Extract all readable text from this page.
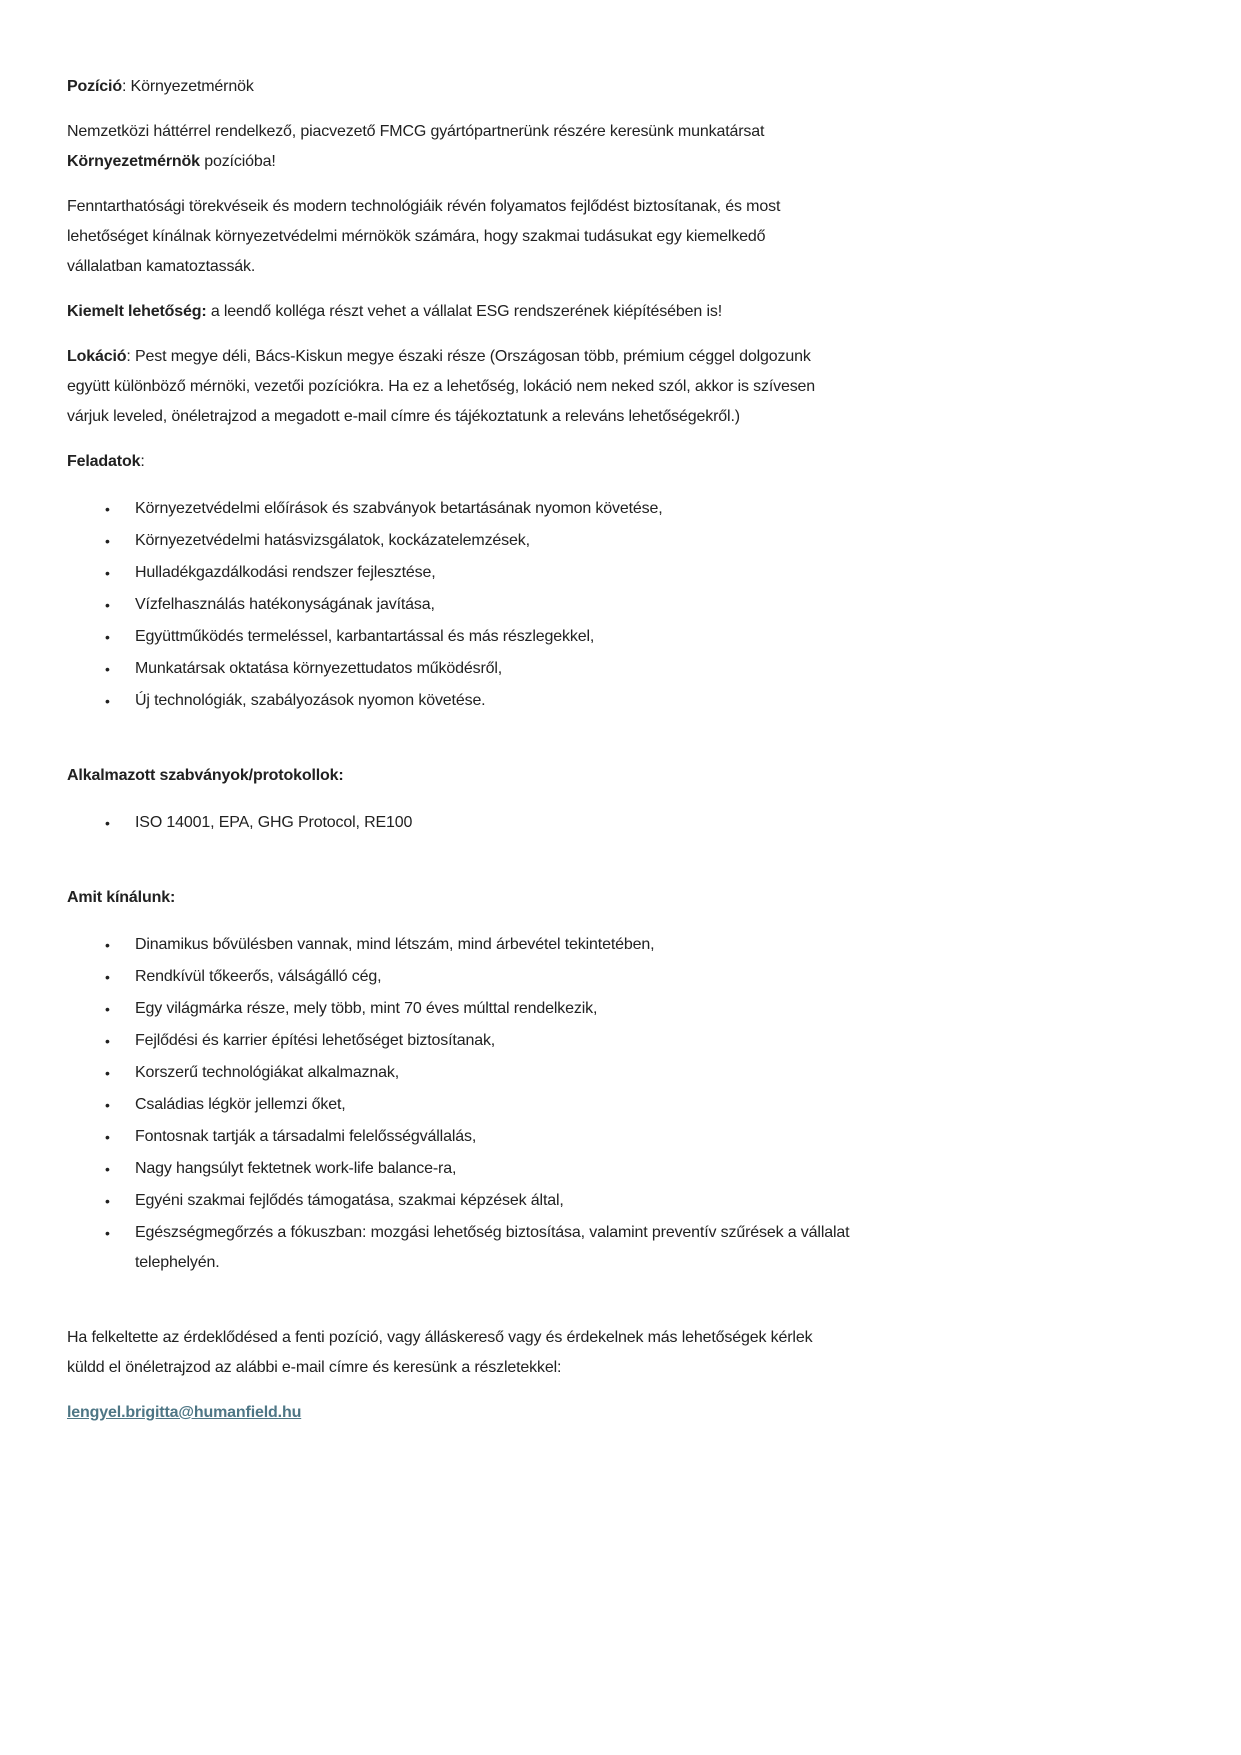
Pozíció: Környezetmérnök

Nemzetközi háttérrel rendelkező, piacvezető FMCG gyártópartnerünk részére keresünk munkatársat
Környezetmérnök pozícióba!

Fenntarthatósági törekvéseik és modern technológiáik révén folyamatos fejlődést biztosítanak, és most
lehetőséget kínálnak környezetvédelmi mérnökök számára, hogy szakmai tudásukat egy kiemelkedő
vállalatban kamatoztassák.

Kiemelt lehetőség: a leendő kolléga részt vehet a vállalat ESG rendszerének kiépítésében is!

Lokáció: Pest megye déli, Bács-Kiskun megye északi része (Országosan több, prémium céggel dolgozunk
együtt különböző mérnöki, vezetői pozíciókra. Ha ez a lehetőség, lokáció nem neked szól, akkor is szívesen
várjuk leveled, önéletrajzod a megadott e-mail címre és tájékoztatunk a releváns lehetőségekről.)

Feladatok:

• Környezetvédelmi előírások és szabványok betartásának nyomon követése,
• Környezetvédelmi hatásvizsgálatok, kockázatelemzések,
• Hulladékgazdálkodási rendszer fejlesztése,
• Vízfelhasználás hatékonyságának javítása,
• Együttműködés termeléssel, karbantartással és más részlegekkel,
• Munkatársak oktatása környezettudatos működésről,
• Új technológiák, szabályozások nyomon követése.

Alkalmazott szabványok/protokollok:

• ISO 14001, EPA, GHG Protocol, RE100

Amit kínálunk:

• Dinamikus bővülésben vannak, mind létszám, mind árbevétel tekintetében,
• Rendkívül tőkeerős, válságálló cég,
• Egy világmárka része, mely több, mint 70 éves múlttal rendelkezik,
• Fejlődési és karrier építési lehetőséget biztosítanak,
• Korszerű technológiákat alkalmaznak,
• Családias légkör jellemzi őket,
• Fontosnak tartják a társadalmi felelősségvállalás,
• Nagy hangsúlyt fektetnek work-life balance-ra,
• Egyéni szakmai fejlődés támogatása, szakmai képzések által,
• Egészségmegőrzés a fókuszban: mozgási lehetőség biztosítása, valamint preventív szűrések a vállalat
telephelyén.

Ha felkeltette az érdeklődésed a fenti pozíció, vagy álláskereső vagy és érdekelnek más lehetőségek kérlek
küldd el önéletrajzod az alábbi e-mail címre és keresünk a részletekkel:

lengyel.brigitta@humanfield.hu
